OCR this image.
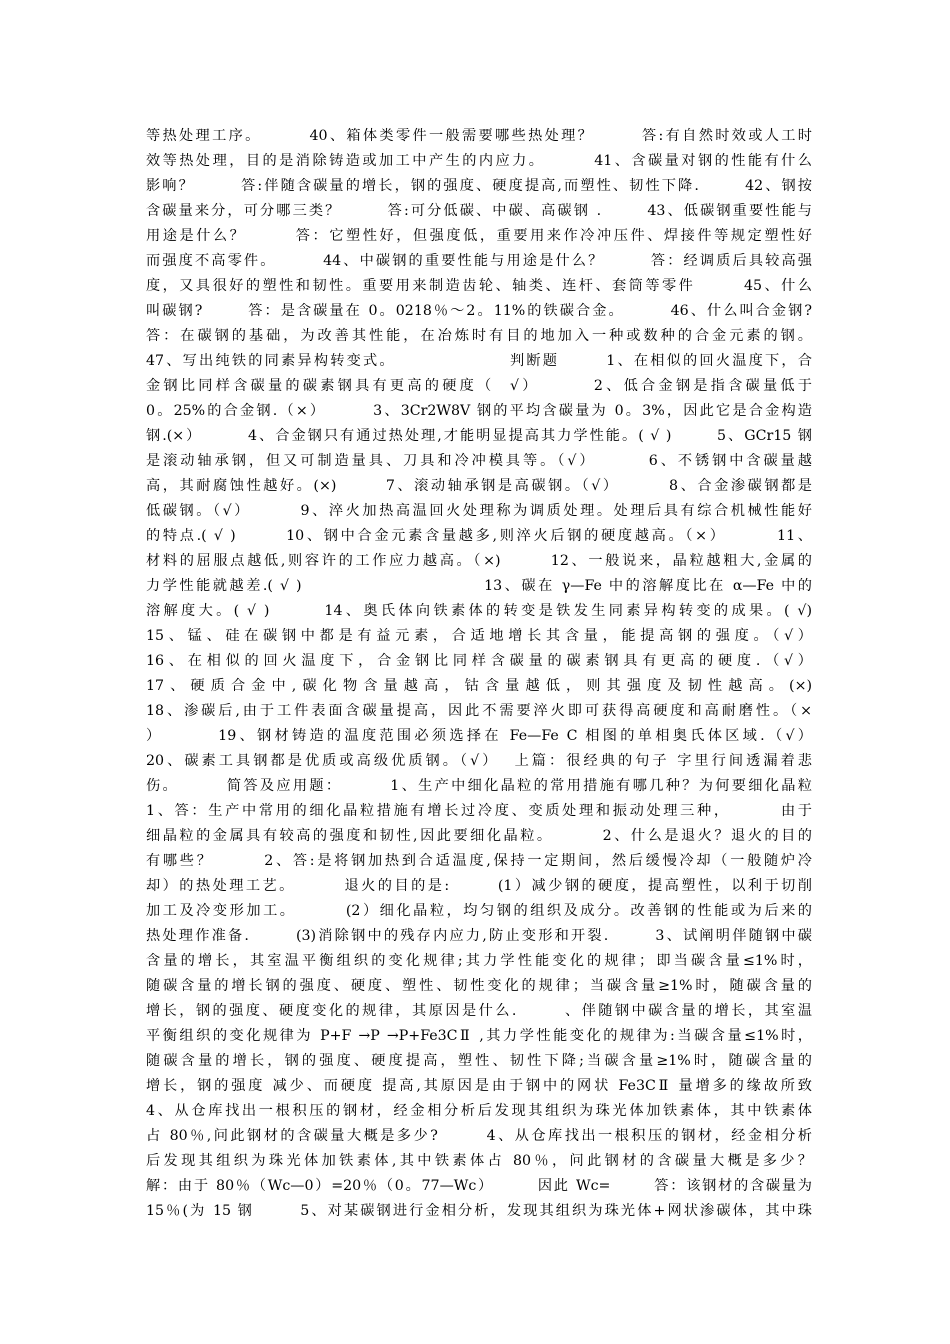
等热处理工序。       40、箱体类零件一般需要哪些热处理？       答:有自然时效或人工时
效等热处理，目的是消除铸造或加工中产生的内应力。       41、含碳量对钢的性能有什么
影响？       答:伴随含碳量的增长，钢的强度、硬度提高,而塑性、韧性下降.       42、钢按
含碳量来分，可分哪三类？       答:可分低碳、中碳、高碳钢 .       43、低碳钢重要性能与
用途是什么？       答：它塑性好，但强度低，重要用来作冷冲压件、焊接件等规定塑性好
而强度不高零件。       44、中碳钢的重要性能与用途是什么？       答：经调质后具较高强
度，又具很好的塑性和韧性。重要用来制造齿轮、轴类、连杆、套筒等零件       45、什么
叫碳钢?       答：是含碳量在 0。0218％～2。11%的铁碳合金。       46、什么叫合金钢?
答：在碳钢的基础，为改善其性能，在冶炼时有目的地加入一种或数种的合金元素的钢。
47、写出纯铁的同素异构转变式。                 判断题       1、在相似的回火温度下，合
金钢比同样含碳量的碳素钢具有更高的硬度（  √）       2、低合金钢是指含碳量低于
0。25%的合金钢.（×）       3、3Cr2W8V 钢的平均含碳量为 0。3%，因此它是合金构造
钢.(×）       4、合金钢只有通过热处理,才能明显提高其力学性能。( √ )       5、GCr15 钢
是滚动轴承钢，但又可制造量具、刀具和冷冲模具等。（√）       6、不锈钢中含碳量越
高，其耐腐蚀性越好。(×)       7、滚动轴承钢是高碳钢。（√）       8、合金渗碳钢都是
低碳钢。（√）       9、淬火加热高温回火处理称为调质处理。处理后具有综合机械性能好
的特点.( √ )       10、钢中合金元素含量越多,则淬火后钢的硬度越高。（×）       11、
材料的屈服点越低,则容许的工作应力越高。（×)       12、一般说来，晶粒越粗大,金属的
力学性能就越差.( √ )                          13、碳在 γ—Fe 中的溶解度比在 α—Fe 中的
溶解度大。( √ )       14、奥氏体向铁素体的转变是铁发生同素异构转变的成果。( √)
15、锰、硅在碳钢中都是有益元素，合适地增长其含量，能提高钢的强度。（√）
16、在相似的回火温度下，合金钢比同样含碳量的碳素钢具有更高的硬度.（√）
17、硬质合金中,碳化物含量越高，钴含量越低，则其强度及韧性越高。(×)
18、渗碳后,由于工件表面含碳量提高，因此不需要淬火即可获得高硬度和高耐磨性。（×
）       19、钢材铸造的温度范围必须选择在 Fe—Fe C 相图的单相奥氏体区域.（√）
20、碳素工具钢都是优质或高级优质钢。（√）  上篇：很经典的句子 字里行间透漏着悲
伤。       简答及应用题：       1、生产中细化晶粒的常用措施有哪几种？为何要细化晶粒
1、答：生产中常用的细化晶粒措施有增长过冷度、变质处理和振动处理三种，       由于
细晶粒的金属具有较高的强度和韧性,因此要细化晶粒。       2、什么是退火？退火的目的
有哪些？       2、答:是将钢加热到合适温度,保持一定期间，然后缓慢冷却（一般随炉冷
却）的热处理工艺。       退火的目的是:       (1）减少钢的硬度，提高塑性，以利于切削
加工及冷变形加工。       (2）细化晶粒，均匀钢的组织及成分。改善钢的性能或为后来的
热处理作准备.       (3)消除钢中的残存内应力,防止变形和开裂.       3、试阐明伴随钢中碳
含量的增长，其室温平衡组织的变化规律;其力学性能变化的规律；即当碳含量≤1%时，
随碳含量的增长钢的强度、硬度、塑性、韧性变化的规律；当碳含量≥1%时，随碳含量的
增长，钢的强度、硬度变化的规律，其原因是什么.       、伴随钢中碳含量的增长，其室温
平衡组织的变化规律为 P+F →P →P+Fe3CⅡ ,其力学性能变化的规律为:当碳含量≤1%时，
随碳含量的增长，钢的强度、硬度提高，塑性、韧性下降;当碳含量≥1%时，随碳含量的
增长，钢的强度 减少、而硬度 提高,其原因是由于钢中的网状 Fe3CⅡ 量增多的缘故所致
4、从仓库找出一根积压的钢材，经金相分析后发现其组织为珠光体加铁素体，其中铁素体
占 80％,问此钢材的含碳量大概是多少?       4、从仓库找出一根积压的钢材，经金相分析
后发现其组织为珠光体加铁素体,其中铁素体占 80％，问此钢材的含碳量大概是多少？
解：由于 80％（Wc—0）=20％（0。77—Wc）       因此 Wc=       答：该钢材的含碳量为
15％(为 15 钢       5、对某碳钢进行金相分析，发现其组织为珠光体+网状渗碳体，其中珠
